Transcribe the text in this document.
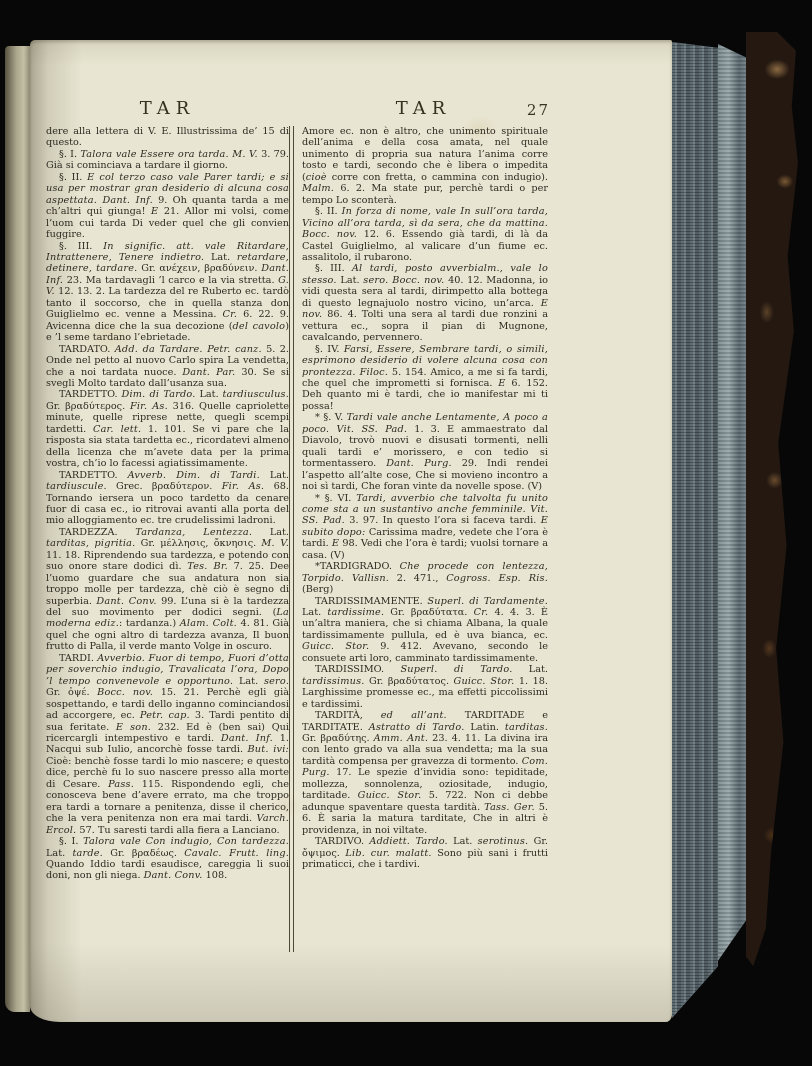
TAR	TAR	27

dere alla lettera di V. E. Illustrissima de’ 15 di questo.

§. I. Talora vale Essere ora tarda. M. V. 3. 79. Già si cominciava a tardare il giorno.

§. II. E col terzo caso vale Parer tardi; e si usa per mostrar gran desiderio di alcuna cosa aspettata. Dant. Inf. 9. Oh quanta tarda a me ch’altri qui giunga! E 21. Allor mi volsi, come l’uom cui tarda Di veder quel che gli convien fuggire.

§. III. In signific. att. vale Ritardare, Intrattenere, Tenere indietro. Lat. retardare, detinere, tardare. Gr. ανέχειν, βραδύνειν. Dant. Inf. 23. Ma tardavagli ’l carco e la via stretta. G. V. 12. 13. 2. La tardezza del re Ruberto ec. tardò tanto il soccorso, che in quella stanza don Guiglielmo ec. venne a Messina. Cr. 6. 22. 9. Avicenna dice che la sua decozione (del cavolo) e ’l seme tardano l’ebrietade.

TARDATO. Add. da Tardare. Petr. canz. 5. 2. Onde nel petto al nuovo Carlo spira La vendetta, che a noi tardata nuoce. Dant. Par. 30. Se si svegli Molto tardato dall’usanza sua.

TARDETTO. Dim. di Tardo. Lat. tardiusculus. Gr. βραδύτερος. Fir. As. 316. Quelle capriolette minute, quelle riprese nette, quegli scempi tardetti. Car. lett. 1. 101. Se vi pare che la risposta sia stata tardetta ec., ricordatevi almeno della licenza che m’avete data per la prima vostra, ch’io lo facessi agiatissimamente.

TARDETTO. Avverb. Dim. di Tardi. Lat. tardiuscule. Grec. βραδύτερον. Fir. As. 68. Tornando iersera un poco tardetto da cenare fuor di casa ec., io ritrovai avanti alla porta del mio alloggiamento ec. tre crudelissimi ladroni.

TARDEZZA. Tardanza, Lentezza. Lat. tarditas, pigritia. Gr. μέλλησις, ὄκνησις. M. V. 11. 18. Riprendendo sua tardezza, e potendo con suo onore stare dodici dì. Tes. Br. 7. 25. Dee l’uomo guardare che sua andatura non sia troppo molle per tardezza, chè ciò è segno di superbia. Dant. Conv. 99. L’una si è la tardezza del suo movimento per dodici segni. (La moderna ediz.: tardanza.) Alam. Colt. 4. 81. Già quel che ogni altro di tardezza avanza, Il buon frutto di Palla, il verde manto Volge in oscuro.

TARDI. Avverbio. Fuor di tempo, Fuori d’otta per soverchio indugio, Travalicata l’ora, Dopo ’l tempo convenevole e opportuno. Lat. sero. Gr. ὀψέ. Bocc. nov. 15. 21. Perchè egli già sospettando, e tardi dello inganno cominciandosi ad accorgere, ec. Petr. cap. 3. Tardi pentito di sua feritate. E son. 232. Ed è (ben sai) Qui ricercargli intempestivo e tardi. Dant. Inf. 1. Nacqui sub Iulio, ancorchè fosse tardi. But. ivi: Cioè: benchè fosse tardi lo mio nascere; e questo dice, perchè fu lo suo nascere presso alla morte di Cesare. Pass. 115. Rispondendo egli, che conosceva bene d’avere errato, ma che troppo era tardi a tornare a penitenza, disse il cherico, che la vera penitenza non era mai tardi. Varch. Ercol. 57. Tu saresti tardi alla fiera a Lanciano.

§. I. Talora vale Con indugio, Con tardezza. Lat. tarde. Gr. βραδέως. Cavalc. Frutt. ling. Quando Iddio tardi esaudisce, careggia li suoi doni, non gli niega. Dant. Conv. 108.

Amore ec. non è altro, che unimento spirituale dell’anima e della cosa amata, nel quale unimento di propria sua natura l’anima corre tosto e tardi, secondo che è libera o impedita (cioè corre con fretta, o cammina con indugio). Malm. 6. 2. Ma state pur, perchè tardi o per tempo Lo sconterà.

§. II. In forza di nome, vale In sull’ora tarda, Vicino all’ora tarda, sì da sera, che da mattina. Bocc. nov. 12. 6. Essendo già tardi, di là da Castel Guiglielmo, al valicare d’un fiume ec. assalitolo, il rubarono.

§. III. Al tardi, posto avverbialm., vale lo stesso. Lat. sero. Bocc. nov. 40. 12. Madonna, io vidi questa sera al tardi, dirimpetto alla bottega di questo legnajuolo nostro vicino, un’arca. E nov. 86. 4. Tolti una sera al tardi due ronzini a vettura ec., sopra il pian di Mugnone, cavalcando, pervennero.

§. IV. Farsi, Essere, Sembrare tardi, o simili, esprimono desiderio di volere alcuna cosa con prontezza. Filoc. 5. 154. Amico, a me si fa tardi, che quel che imprometti si fornisca. E 6. 152. Deh quanto mi è tardi, che io manifestar mi ti possa!

* §. V. Tardi vale anche Lentamente, A poco a poco. Vit. SS. Pad. 1. 3. E ammaestrato dal Diavolo, trovò nuovi e disusati tormenti, nelli quali tardi e’ morissero, e con tedio si tormentassero. Dant. Purg. 29. Indi rendei l’aspetto all’alte cose, Che si movieno incontro a noi sì tardi, Che foran vinte da novelle spose. (V)

* §. VI. Tardi, avverbio che talvolta fu unito come sta a un sustantivo anche femminile. Vit. SS. Pad. 3. 97. In questo l’ora si faceva tardi. E subito dopo: Carissima madre, vedete che l’ora è tardi. E 98. Vedi che l’ora è tardi; vuolsi tornare a casa. (V)

*TARDIGRADO. Che procede con lentezza, Torpido. Vallisn. 2. 471., Cogross. Esp. Ris. (Berg)

TARDISSIMAMENTE. Superl. di Tardamente. Lat. tardissime. Gr. βραδύτατα. Cr. 4. 4. 3. È un’altra maniera, che si chiama Albana, la quale tardissimamente pullula, ed è uva bianca, ec. Guicc. Stor. 9. 412. Avevano, secondo le consuete arti loro, camminato tardissimamente.

TARDISSIMO. Superl. di Tardo. Lat. tardissimus. Gr. βραδύτατος. Guicc. Stor. 1. 18. Larghissime promesse ec., ma effetti piccolissimi e tardissimi.

TARDITÀ, ed all’ant. TARDITADE e TARDITATE. Astratto di Tardo. Latin. tarditas. Gr. βραδύτης. Amm. Ant. 23. 4. 11. La divina ira con lento grado va alla sua vendetta; ma la sua tardità compensa per gravezza di tormento. Com. Purg. 17. Le spezie d’invidia sono: tepiditade, mollezza, sonnolenza, oziositade, indugio, tarditade. Guicc. Stor. 5. 722. Non ci debbe adunque spaventare questa tardità. Tass. Ger. 5. 6. È saria la matura tarditate, Che in altri è providenza, in noi viltate.

TARDIVO. Addiett. Tardo. Lat. serotinus. Gr. ὄψιμος. Lib. cur. malatt. Sono più sani i frutti primaticci, che i tardivi.
